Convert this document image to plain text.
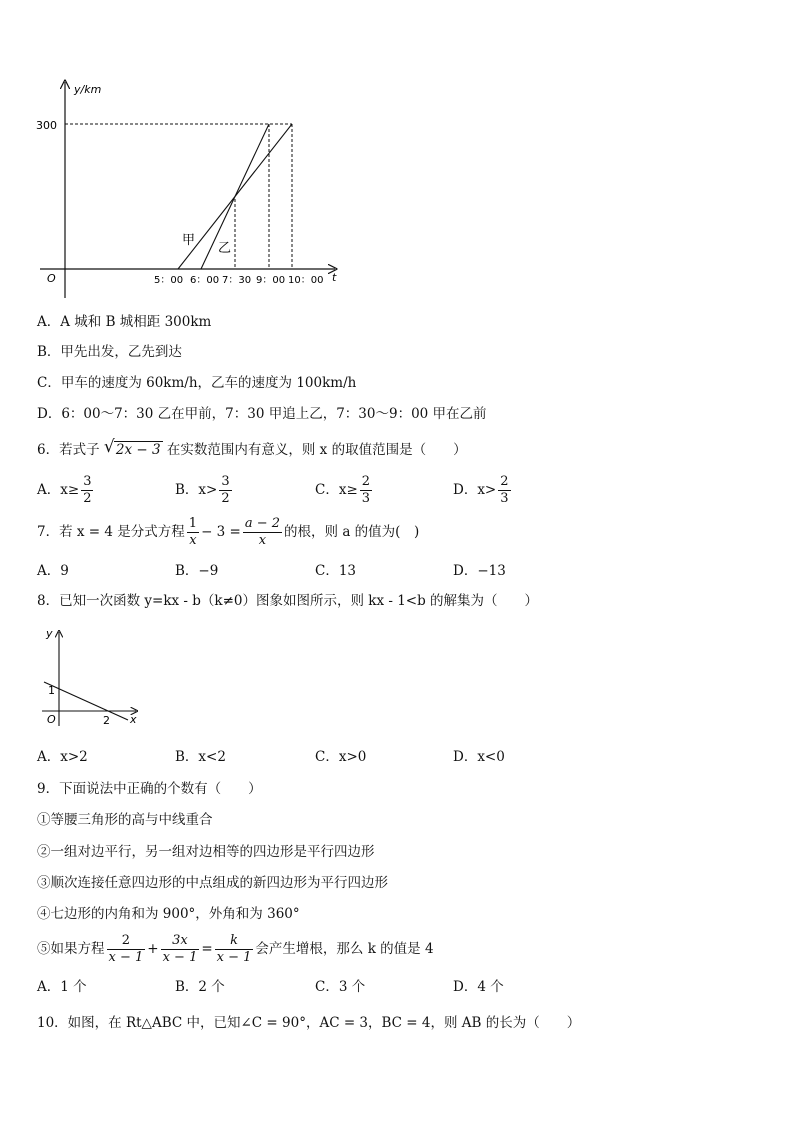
y/km
t
O
300
甲
乙
5：00 6：00 7：30 9：00 10：00
A．A 城和 B 城相距 300km
B．甲先出发，乙先到达
C．甲车的速度为 60km/h，乙车的速度为 100km/h
D．6：00～7：30 乙在甲前，7：30 甲追上乙，7：30～9：00 甲在乙前
6．若式子 √ 2x − 3 在实数范围内有意义，则 x 的取值范围是（　　）
A．$x\ge \frac{3}{2}$	B．$x> \frac{3}{2}$	C．$x\ge \frac{2}{3}$	D．$x> \frac{2}{3}$
7．若 x = 4 是分式方程 $\frac{1}{x} - 3 = \frac{a - 2}{x}$ 的根，则 a 的值为(　)
A．9	B．−9	C．13	D．−13
8．已知一次函数 y=kx - b（k≠0）图象如图所示，则 kx - 1<b 的解集为（　　）
y
x
O
1
2
A．x>2	B．x<2	C．x>0	D．x<0
9．下面说法中正确的个数有（　　）
①等腰三角形的高与中线重合
②一组对边平行，另一组对边相等的四边形是平行四边形
③顺次连接任意四边形的中点组成的新四边形为平行四边形
④七边形的内角和为 900°，外角和为 360°
⑤如果方程 $\frac{2}{x - 1} + \frac{3x}{x - 1} = \frac{k}{x - 1}$ 会产生增根，那么 k 的值是 4
A．1 个	B．2 个	C．3 个	D．4 个
10．如图，在 Rt△ABC 中，已知∠C = 90°，AC = 3，BC = 4，则 AB 的长为（　　）
